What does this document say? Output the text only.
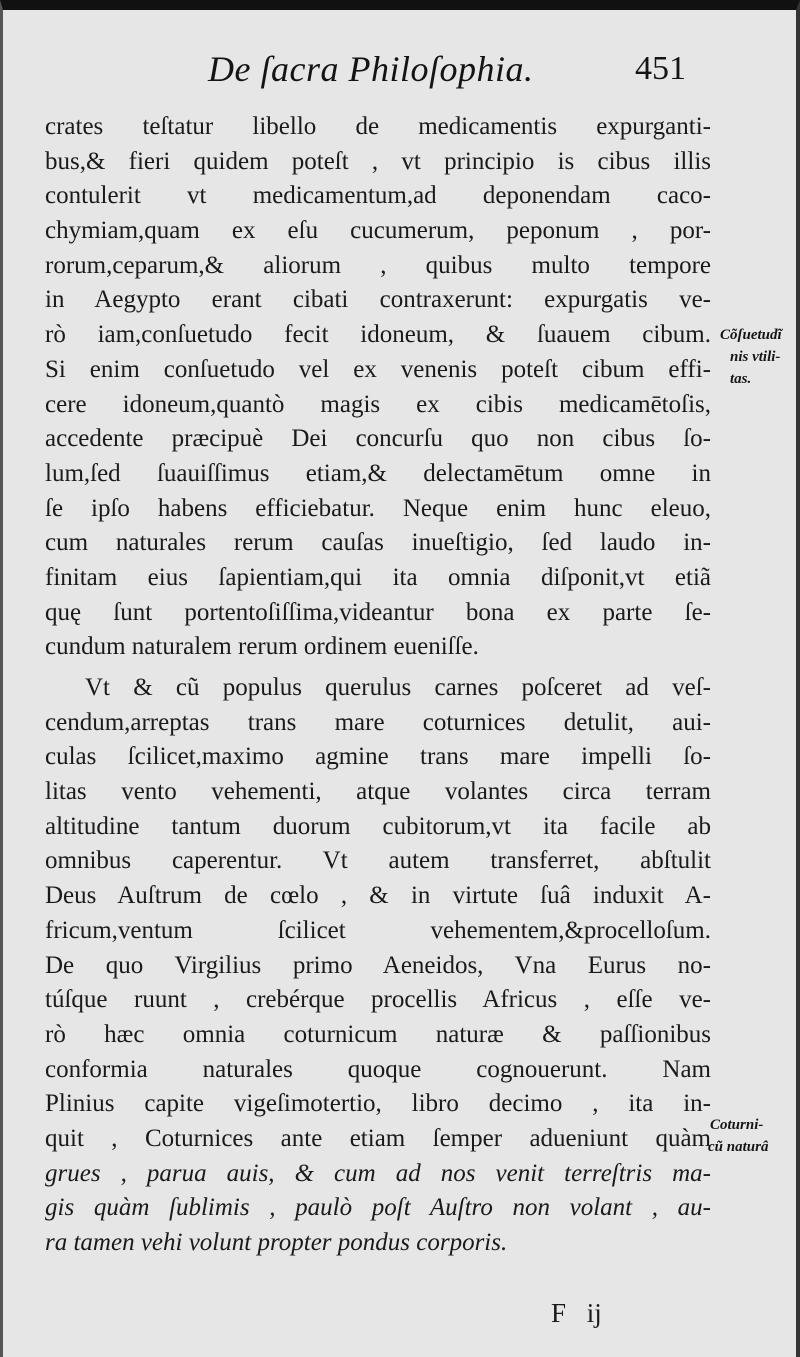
De ſacra Philoſophia.	451
crates teſtatur libello de medicamentis expurganti-
bus,& fieri quidem poteſt , vt principio is cibus illis
contulerit vt medicamentum,ad deponendam caco-
chymiam,quam ex eſu cucumerum, peponum , por-
rorum,ceparum,& aliorum , quibus multo tempore
in Aegypto erant cibati contraxerunt: expurgatis ve-
rò iam,conſuetudo fecit idoneum, & ſuauem cibum.
Si enim conſuetudo vel ex venenis poteſt cibum effi-
cere idoneum,quantò magis ex cibis medicamētoſis,
accedente præcipuè Dei concurſu quo non cibus ſo-
lum,ſed ſuauiſſimus etiam,& delectamētum omne in
ſe ipſo habens efficiebatur. Neque enim hunc eleuo,
cum naturales rerum cauſas inueſtigio, ſed laudo in-
finitam eius ſapientiam,qui ita omnia diſponit,vt etiã
quę ſunt portentoſiſſima,videantur bona ex parte ſe-
cundum naturalem rerum ordinem eueniſſe.
Vt & cũ populus querulus carnes poſceret ad veſ-
cendum,arreptas trans mare coturnices detulit, aui-
culas ſcilicet,maximo agmine trans mare impelli ſo-
litas vento vehementi, atque volantes circa terram
altitudine tantum duorum cubitorum,vt ita facile ab
omnibus caperentur. Vt autem transferret, abſtulit
Deus Auſtrum de cœlo , & in virtute ſuâ induxit A-
fricum,ventum ſcilicet vehementem,&procelloſum.
De quo Virgilius primo Aeneidos, Vna Eurus no-
túſque ruunt , crebérque procellis Africus , eſſe ve-
rò hæc omnia coturnicum naturæ & paſſionibus
conformia naturales quoque cognouerunt. Nam
Plinius capite vigeſimotertio, libro decimo , ita in-
quit , Coturnices ante etiam ſemper adueniunt quàm
grues , parua auis, & cum ad nos venit terreſtris ma-
gis quàm ſublimis , paulò poſt Auſtro non volant , au-
ra tamen vehi volunt propter pondus corporis.
Cõſuetudĩ
nis vtili-
tas.
Coturni-
cũ naturâ
F ij
